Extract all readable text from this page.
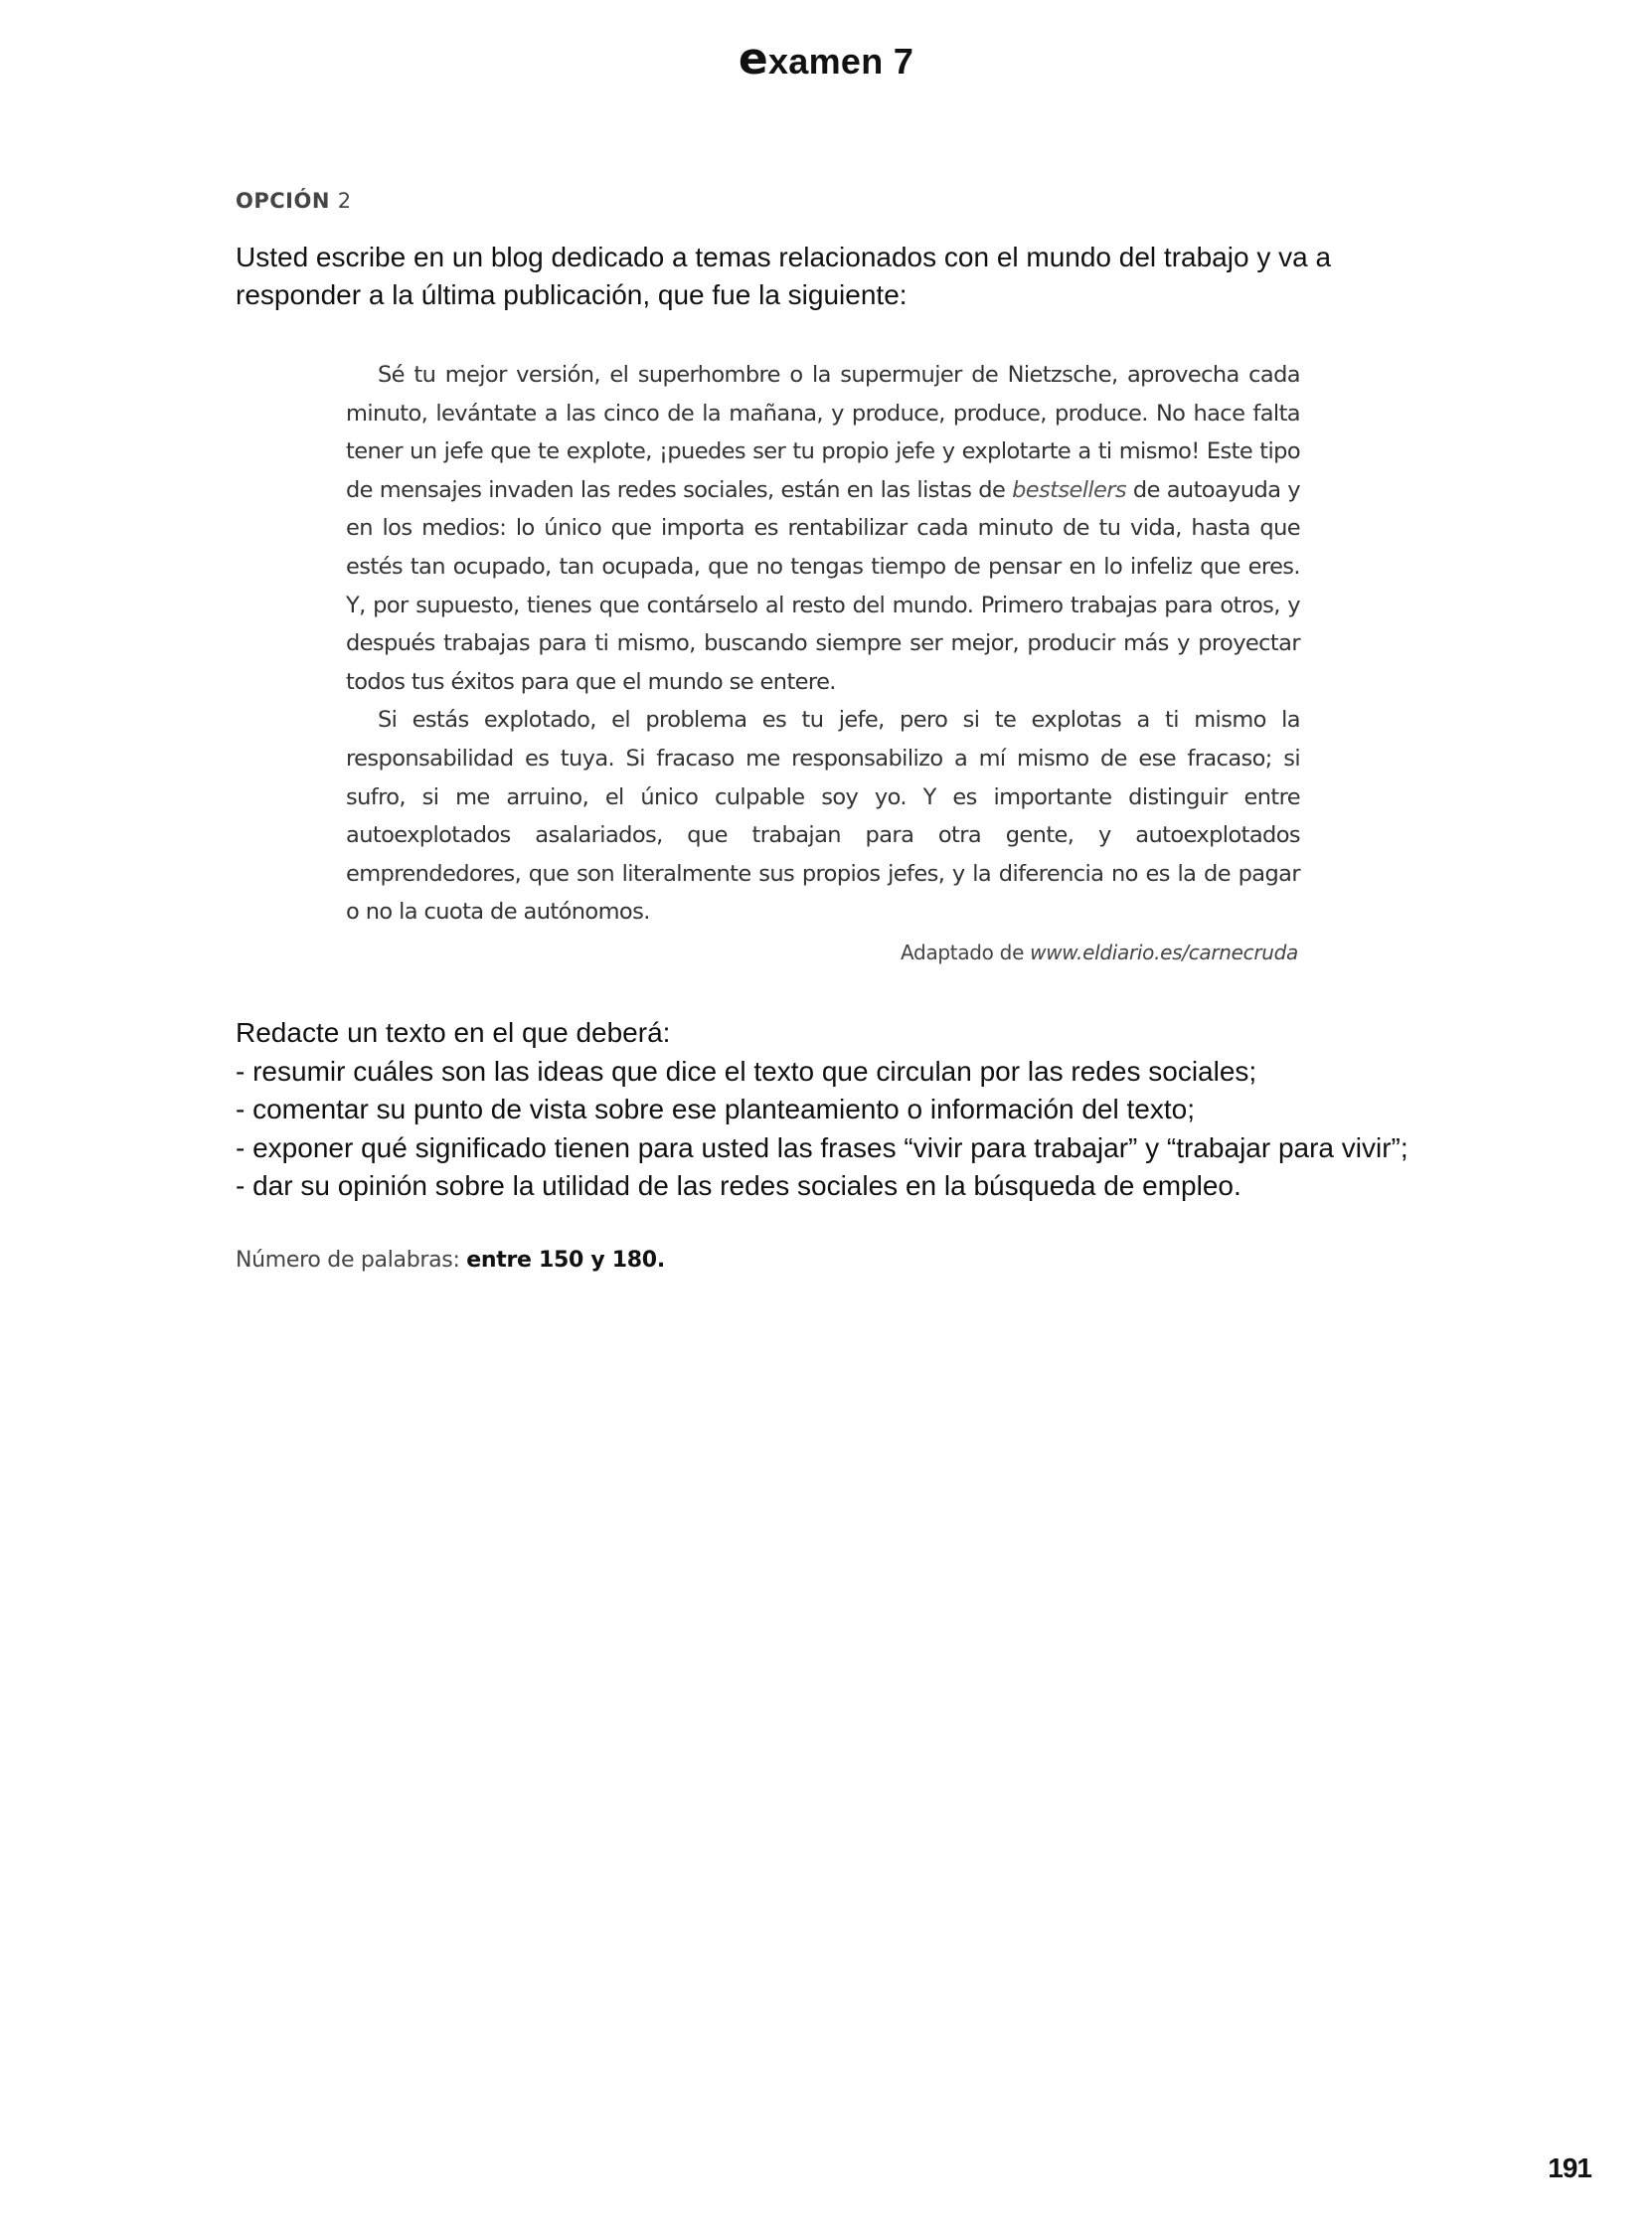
examen 7
OPCIÓN 2
Usted escribe en un blog dedicado a temas relacionados con el mundo del trabajo y va a responder a la última publicación, que fue la siguiente:

Sé tu mejor versión, el superhombre o la supermujer de Nietzsche, aprovecha cada minuto, levántate a las cinco de la mañana, y produce, produce, produce. No hace falta tener un jefe que te explote, ¡puedes ser tu propio jefe y explotarte a ti mismo! Este tipo de mensajes invaden las redes sociales, están en las listas de bestsellers de autoayuda y en los medios: lo único que importa es rentabilizar cada minuto de tu vida, hasta que estés tan ocupado, tan ocupada, que no tengas tiempo de pensar en lo infeliz que eres. Y, por supuesto, tienes que contárselo al resto del mundo. Primero trabajas para otros, y después trabajas para ti mismo, buscando siempre ser mejor, producir más y proyectar todos tus éxitos para que el mundo se entere.

Si estás explotado, el problema es tu jefe, pero si te explotas a ti mismo la responsabilidad es tuya. Si fracaso me responsabilizo a mí mismo de ese fracaso; si sufro, si me arruino, el único culpable soy yo. Y es importante distinguir entre autoexplotados asalariados, que trabajan para otra gente, y autoexplotados emprendedores, que son literalmente sus propios jefes, y la diferencia no es la de pagar o no la cuota de autónomos.

Adaptado de www.eldiario.es/carnecruda
Redacte un texto en el que deberá:
- resumir cuáles son las ideas que dice el texto que circulan por las redes sociales;
- comentar su punto de vista sobre ese planteamiento o información del texto;
- exponer qué significado tienen para usted las frases “vivir para trabajar” y “trabajar para vivir”;
- dar su opinión sobre la utilidad de las redes sociales en la búsqueda de empleo.
Número de palabras: entre 150 y 180.
191
